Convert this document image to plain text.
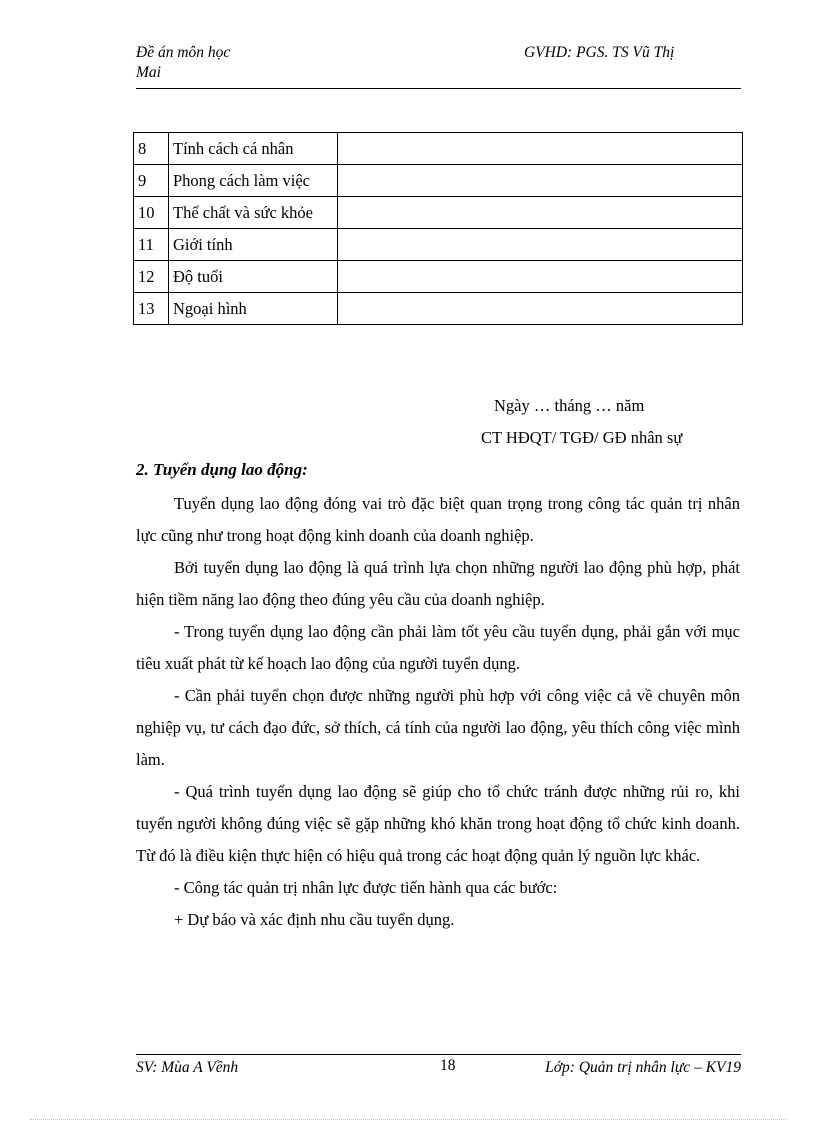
Đề án môn học
Mai
GVHD: PGS. TS Vũ Thị
8	Tính cách cá nhân	
9	Phong cách làm việc	
10	Thể chất và sức khỏe	
11	Giới tính	
12	Độ tuổi	
13	Ngoại hình	
Ngày … tháng … năm
CT HĐQT/ TGĐ/ GĐ nhân sự
2. Tuyển dụng lao động:

Tuyển dụng lao động đóng vai trò đặc biệt quan trọng trong công tác quản trị nhân lực cũng như trong hoạt động kinh doanh của doanh nghiệp.

Bởi tuyển dụng lao động là quá trình lựa chọn những người lao động phù hợp, phát hiện tiềm năng lao động theo đúng yêu cầu của doanh nghiệp.

- Trong tuyển dụng lao động cần phải làm tốt yêu cầu tuyển dụng, phải gắn với mục tiêu xuất phát từ kế hoạch lao động của người tuyển dụng.

- Cần phải tuyển chọn được những người phù hợp với công việc cả về chuyên môn nghiệp vụ, tư cách đạo đức, sở thích, cá tính của người lao động, yêu thích công việc mình làm.

- Quá trình tuyển dụng lao động sẽ giúp cho tổ chức tránh được những rủi ro, khi tuyển người không đúng việc sẽ gặp những khó khăn trong hoạt động tổ chức kinh doanh. Từ đó là điều kiện thực hiện có hiệu quả trong các hoạt động quản lý nguồn lực khác.

- Công tác quản trị nhân lực được tiến hành qua các bước:

+ Dự báo và xác định nhu cầu tuyển dụng.

SV: Mùa A Vềnh	18	Lớp: Quản trị nhân lực – KV19
